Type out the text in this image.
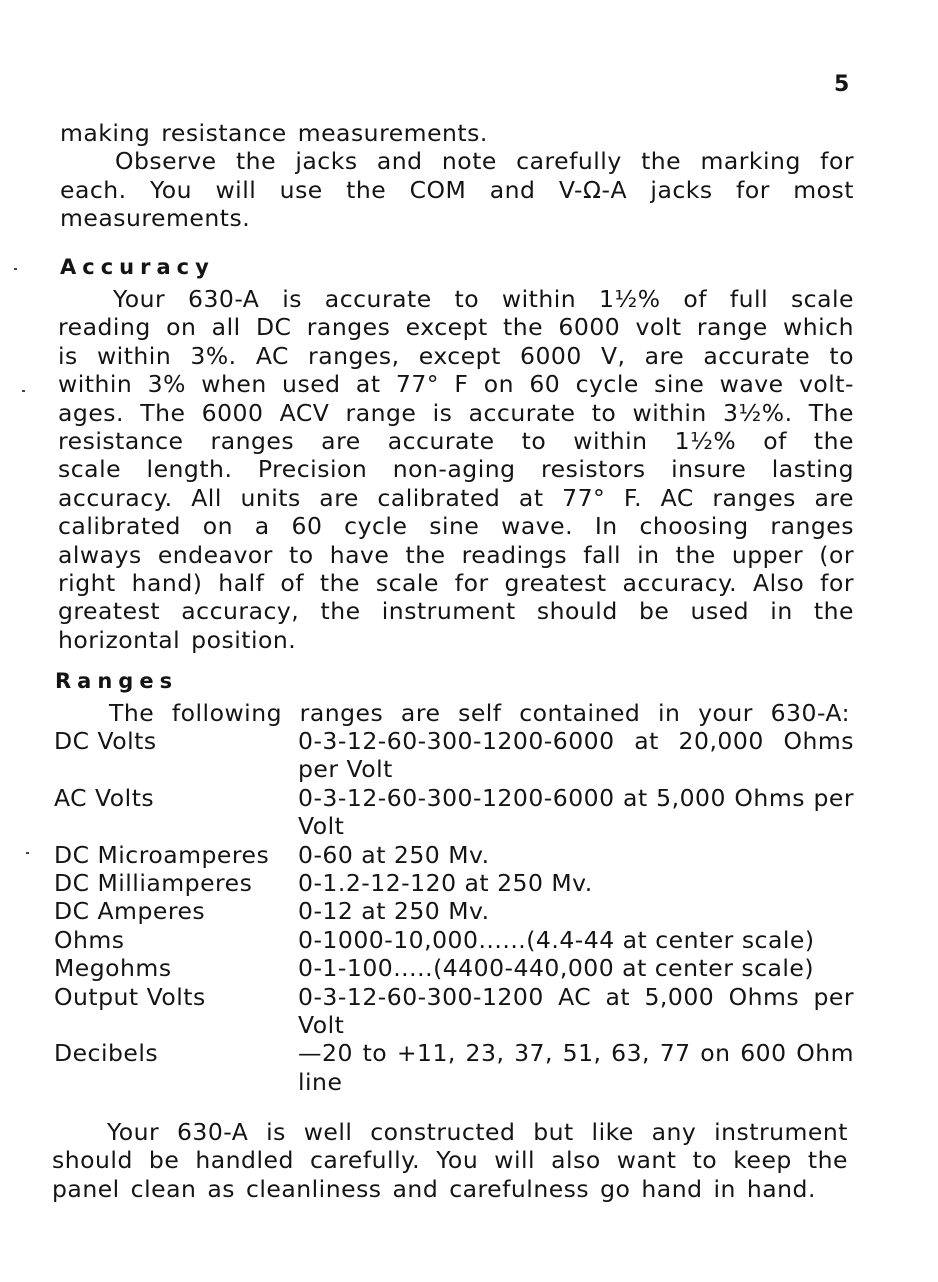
5
making resistance measurements.
Observe the jacks and note carefully the marking for
each. You will use the COM and V-Ω-A jacks for most
measurements.
Accuracy
Your 630-A is accurate to within 1½% of full scale
reading on all DC ranges except the 6000 volt range which
is within 3%. AC ranges, except 6000 V, are accurate to
within 3% when used at 77° F on 60 cycle sine wave volt-
ages. The 6000 ACV range is accurate to within 3½%. The
resistance ranges are accurate to within 1½% of the
scale length. Precision non-aging resistors insure lasting
accuracy. All units are calibrated at 77° F. AC ranges are
calibrated on a 60 cycle sine wave. In choosing ranges
always endeavor to have the readings fall in the upper (or
right hand) half of the scale for greatest accuracy. Also for
greatest accuracy, the instrument should be used in the
horizontal position.
Ranges
The following ranges are self contained in your 630-A:
DC Volts	0-3-12-60-300-1200-6000 at 20,000 Ohms
per Volt
AC Volts	0-3-12-60-300-1200-6000 at 5,000 Ohms per
Volt
DC Microamperes	0-60 at 250 Mv.
DC Milliamperes	0-1.2-12-120 at 250 Mv.
DC Amperes	0-12 at 250 Mv.
Ohms	0-1000-10,000......(4.4-44 at center scale)
Megohms	0-1-100.....(4400-440,000 at center scale)
Output Volts	0-3-12-60-300-1200 AC at 5,000 Ohms per
Volt
Decibels	—20 to +11, 23, 37, 51, 63, 77 on 600 Ohm
line
Your 630-A is well constructed but like any instrument
should be handled carefully. You will also want to keep the
panel clean as cleanliness and carefulness go hand in hand.
